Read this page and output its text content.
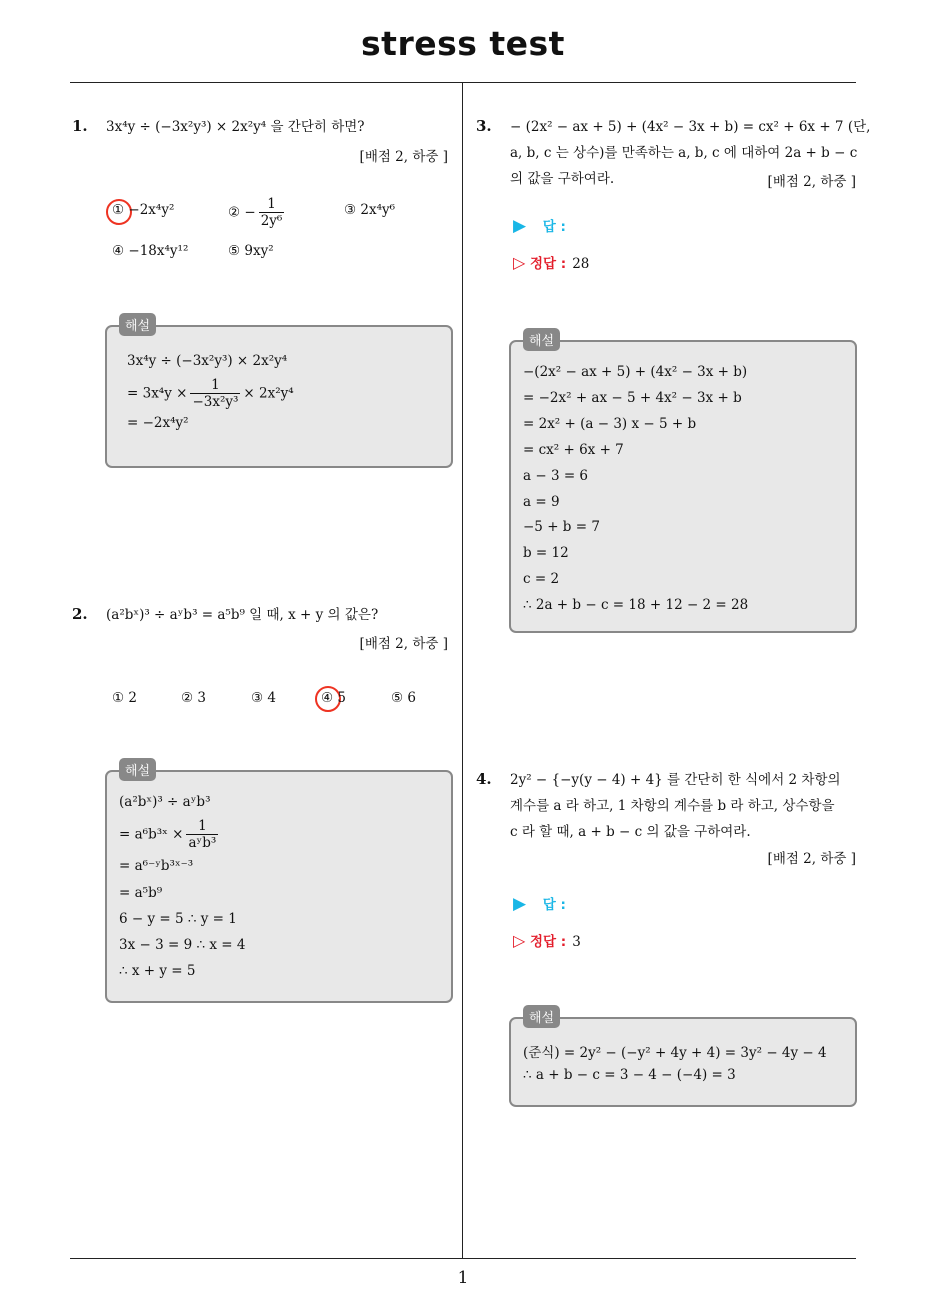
stress test
1
1. 3x⁴y ÷ (−3x²y³) × 2x²y⁴ 을 간단히 하면?
[배점 2, 하중 ]
① −2x⁴y²	② − $\frac{1}{\text{2y⁶}}$	③ 2x⁴y⁶
④ −18x⁴y¹²	⑤ 9xy²
3x⁴y ÷ (−3x²y³) × 2x²y⁴
= $3x^4y \times \frac{1}{\text{−3x²y³}} \times 2x^2y^4$
= −2x⁴y²
해설
2. (a²bˣ)³ ÷ aʸb³ = a⁵b⁹ 일 때, x + y 의 값은?
[배점 2, 하중 ]
① 2	② 3	③ 4	④ 5	⑤ 6
(a²bˣ)³ ÷ aʸb³
= a⁶b³ˣ × $\frac{1}{\text{aʸb³}}$
= a⁶⁻ʸb³ˣ⁻³
= a⁵b⁹
6 − y = 5 ∴ y = 1
3x − 3 = 9 ∴ x = 4
∴ x + y = 5
해설
3. − (2x² − ax + 5) + (4x² − 3x + b) = cx² + 6x + 7 (단,
a, b, c 는 상수)를 만족하는 a, b, c 에 대하여 2a + b − c
의 값을 구하여라.	[배점 2, 하중 ]
▶ 답 :
▷ 정답 : 28
−(2x² − ax + 5) + (4x² − 3x + b)
= −2x² + ax − 5 + 4x² − 3x + b
= 2x² + (a − 3) x − 5 + b
= cx² + 6x + 7
a − 3 = 6
a = 9
−5 + b = 7
b = 12
c = 2
∴ 2a + b − c = 18 + 12 − 2 = 28
해설
4. 2y² − {−y(y − 4) + 4} 를 간단히 한 식에서 2 차항의
계수를 a 라 하고, 1 차항의 계수를 b 라 하고, 상수항을
c 라 할 때, a + b − c 의 값을 구하여라.
[배점 2, 하중 ]
▶ 답 :
▷ 정답 : 3
(준식) = 2y² − (−y² + 4y + 4) = 3y² − 4y − 4
∴ a + b − c = 3 − 4 − (−4) = 3
해설
